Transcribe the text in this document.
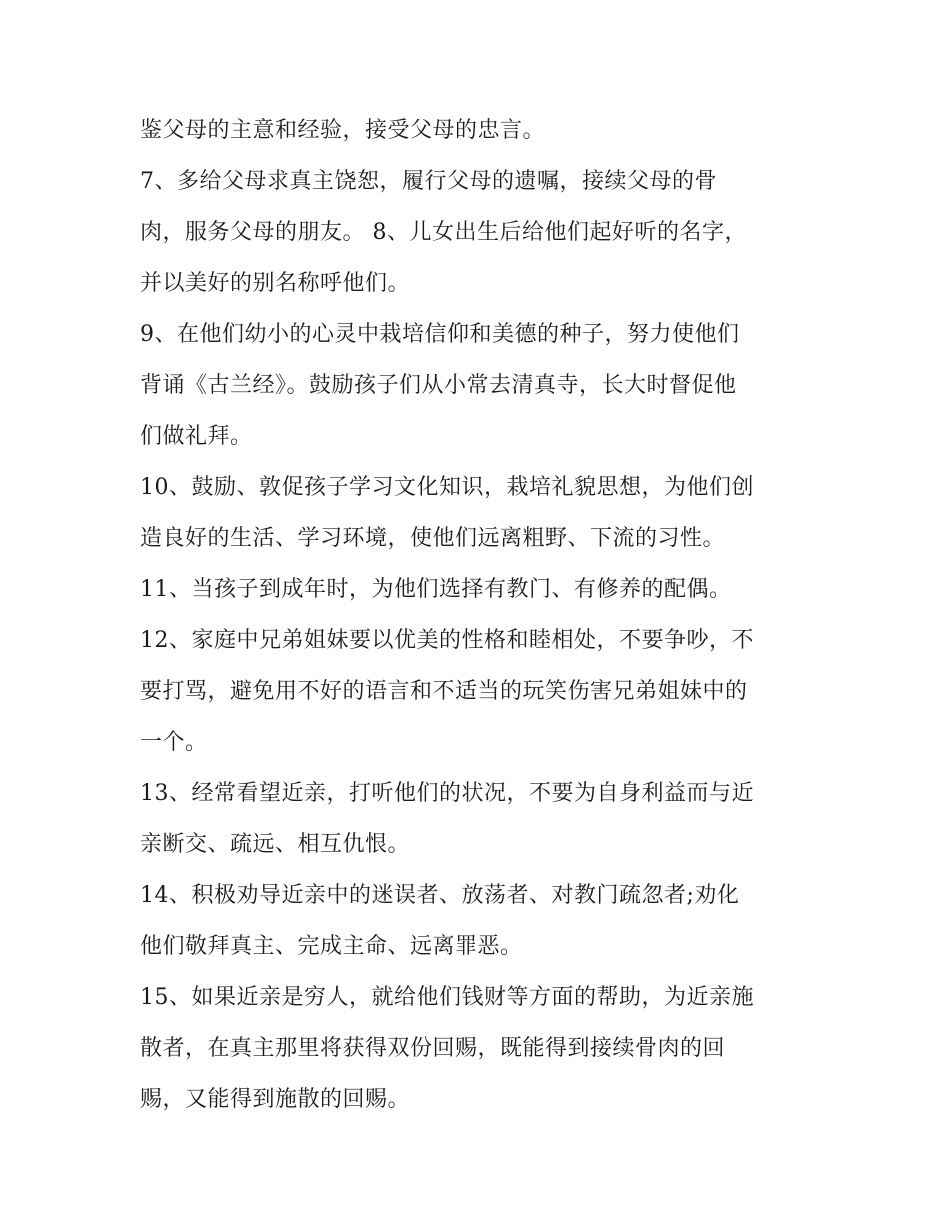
鉴父母的主意和经验，接受父母的忠言。

7、多给父母求真主饶恕，履行父母的遗嘱，接续父母的骨
肉，服务父母的朋友。 8、儿女出生后给他们起好听的名字，
并以美好的别名称呼他们。

9、在他们幼小的心灵中栽培信仰和美德的种子，努力使他们
背诵《古兰经》。鼓励孩子们从小常去清真寺，长大时督促他
们做礼拜。

10、鼓励、敦促孩子学习文化知识，栽培礼貌思想，为他们创
造良好的生活、学习环境，使他们远离粗野、下流的习性。

11、当孩子到成年时，为他们选择有教门、有修养的配偶。

12、家庭中兄弟姐妹要以优美的性格和睦相处，不要争吵，不
要打骂，避免用不好的语言和不适当的玩笑伤害兄弟姐妹中的
一个。

13、经常看望近亲，打听他们的状况，不要为自身利益而与近
亲断交、疏远、相互仇恨。

14、积极劝导近亲中的迷误者、放荡者、对教门疏忽者;劝化
他们敬拜真主、完成主命、远离罪恶。

15、如果近亲是穷人，就给他们钱财等方面的帮助，为近亲施
散者，在真主那里将获得双份回赐，既能得到接续骨肉的回
赐，又能得到施散的回赐。
